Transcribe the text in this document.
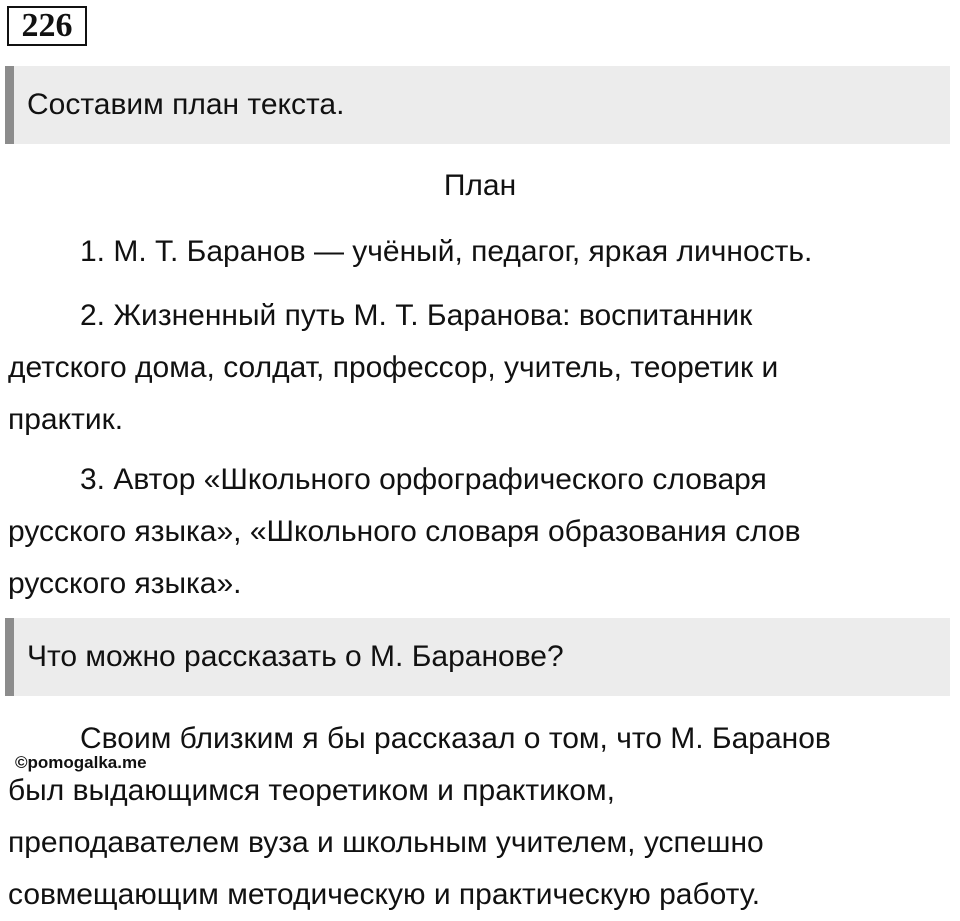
226
Составим план текста.
План

1. М. Т. Баранов — учёный, педагог, яркая личность.

2. Жизненный путь М. Т. Баранова: воспитанник
детского дома, солдат, профессор, учитель, теоретик и
практик.

3. Автор «Школьного орфографического словаря
русского языка», «Школьного словаря образования слов
русского языка».

Что можно рассказать о М. Баранове?

Своим близким я бы рассказал о том, что М. Баранов
был выдающимся теоретиком и практиком,
преподавателем вуза и школьным учителем, успешно
совмещающим методическую и практическую работу.

©pomogalka.me
